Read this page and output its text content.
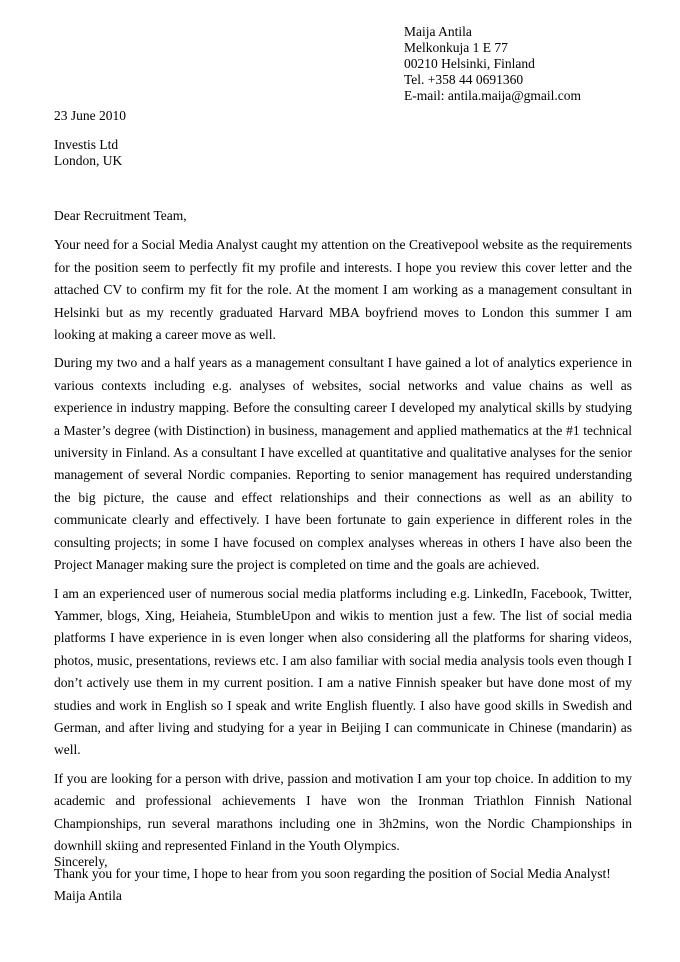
Maija Antila
Melkonkuja 1 E 77
00210 Helsinki, Finland
Tel. +358 44 0691360
E-mail: antila.maija@gmail.com
23 June 2010
Investis Ltd
London, UK

Dear Recruitment Team,

Your need for a Social Media Analyst caught my attention on the Creativepool website as the requirements for the position seem to perfectly fit my profile and interests. I hope you review this cover letter and the attached CV to confirm my fit for the role. At the moment I am working as a management consultant in Helsinki but as my recently graduated Harvard MBA boyfriend moves to London this summer I am looking at making a career move as well.

During my two and a half years as a management consultant I have gained a lot of analytics experience in various contexts including e.g. analyses of websites, social networks and value chains as well as experience in industry mapping. Before the consulting career I developed my analytical skills by studying a Master’s degree (with Distinction) in business, management and applied mathematics at the #1 technical university in Finland. As a consultant I have excelled at quantitative and qualitative analyses for the senior management of several Nordic companies. Reporting to senior management has required understanding the big picture, the cause and effect relationships and their connections as well as an ability to communicate clearly and effectively. I have been fortunate to gain experience in different roles in the consulting projects; in some I have focused on complex analyses whereas in others I have also been the Project Manager making sure the project is completed on time and the goals are achieved.

I am an experienced user of numerous social media platforms including e.g. LinkedIn, Facebook, Twitter, Yammer, blogs, Xing, Heiaheia, StumbleUpon and wikis to mention just a few. The list of social media platforms I have experience in is even longer when also considering all the platforms for sharing videos, photos, music, presentations, reviews etc. I am also familiar with social media analysis tools even though I don’t actively use them in my current position. I am a native Finnish speaker but have done most of my studies and work in English so I speak and write English fluently. I also have good skills in Swedish and German, and after living and studying for a year in Beijing I can communicate in Chinese (mandarin) as well.

If you are looking for a person with drive, passion and motivation I am your top choice. In addition to my academic and professional achievements I have won the Ironman Triathlon Finnish National Championships, run several marathons including one in 3h2mins, won the Nordic Championships in downhill skiing and represented Finland in the Youth Olympics.

Thank you for your time, I hope to hear from you soon regarding the position of Social Media Analyst!

Sincerely,
Maija Antila
